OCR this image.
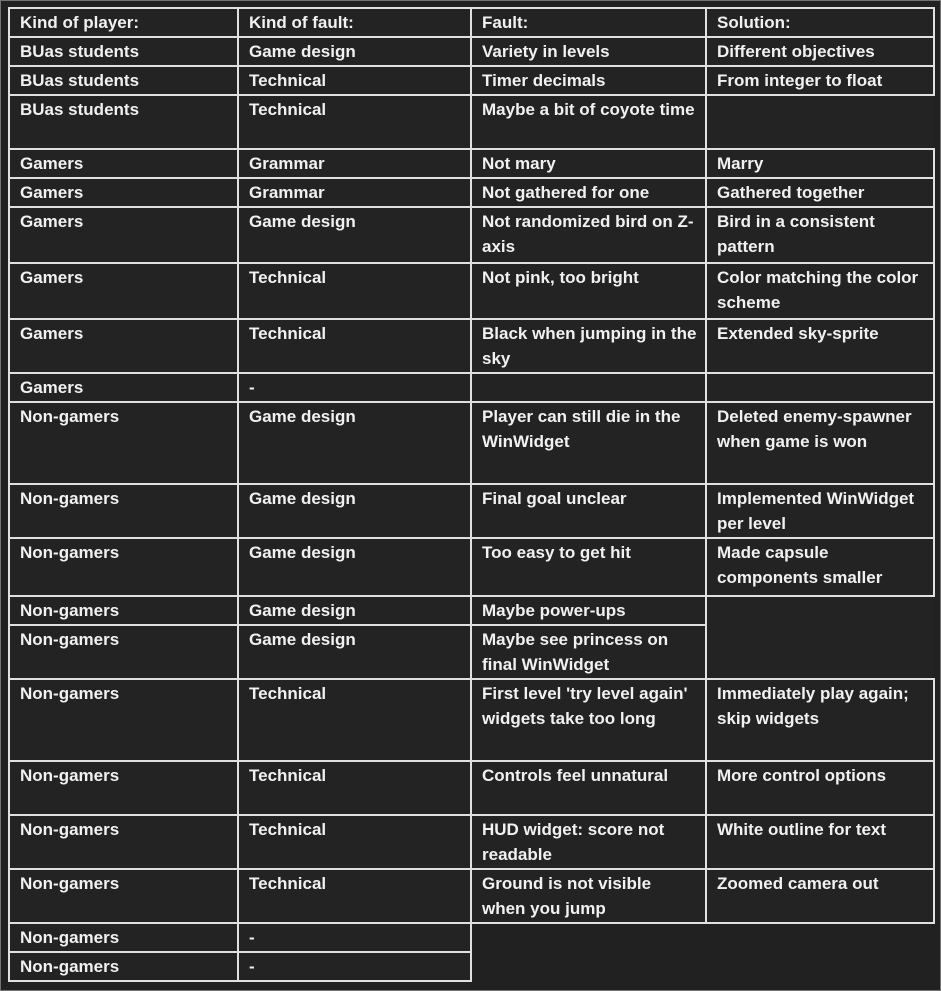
Kind of player:	Kind of fault:	Fault:	Solution:
BUas students	Game design	Variety in levels	Different objectives
BUas students	Technical	Timer decimals	From integer to float
BUas students	Technical	Maybe a bit of coyote time	
Gamers	Grammar	Not mary	Marry
Gamers	Grammar	Not gathered for one	Gathered together
Gamers	Game design	Not randomized bird on Z-axis	Bird in a consistent pattern
Gamers	Technical	Not pink, too bright	Color matching the color scheme
Gamers	Technical	Black when jumping in the sky	Extended sky-sprite
Gamers	-		
Non-gamers	Game design	Player can still die in the WinWidget	Deleted enemy-spawner when game is won
Non-gamers	Game design	Final goal unclear	Implemented WinWidget per level
Non-gamers	Game design	Too easy to get hit	Made capsule components smaller
Non-gamers	Game design	Maybe power-ups	
Non-gamers	Game design	Maybe see princess on final WinWidget	
Non-gamers	Technical	First level 'try level again' widgets take too long	Immediately play again; skip widgets
Non-gamers	Technical	Controls feel unnatural	More control options
Non-gamers	Technical	HUD widget: score not readable	White outline for text
Non-gamers	Technical	Ground is not visible when you jump	Zoomed camera out
Non-gamers	-		
Non-gamers	-		
